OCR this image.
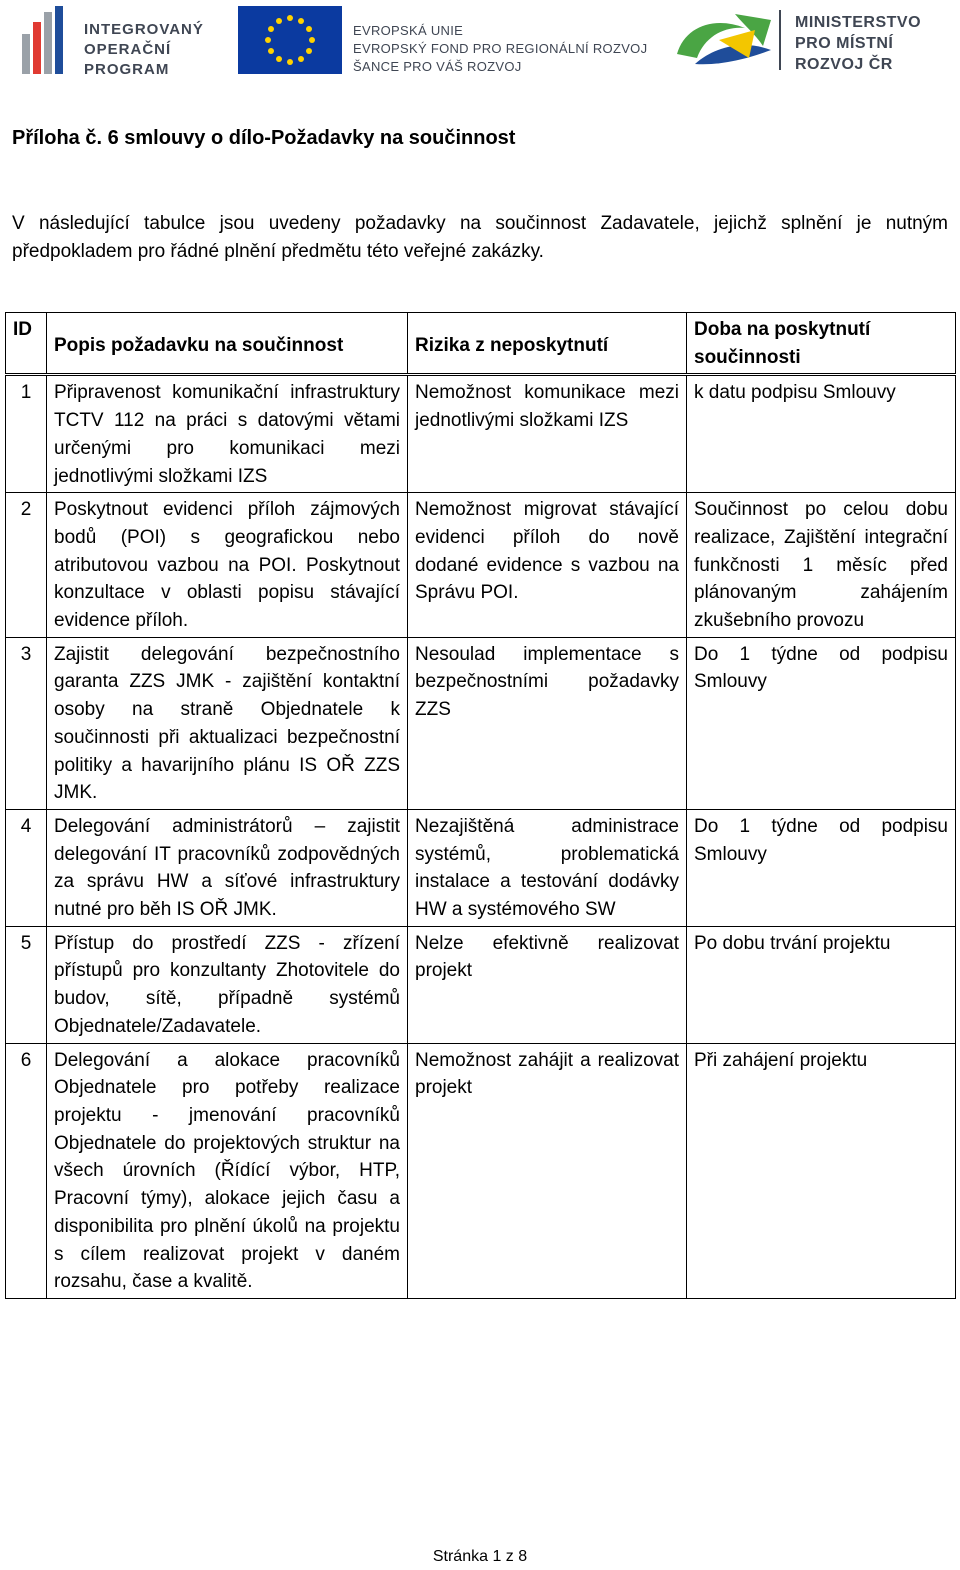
INTEGROVANÝ
OPERAČNÍ
PROGRAM
EVROPSKÁ UNIE
EVROPSKÝ FOND PRO REGIONÁLNÍ ROZVOJ
ŠANCE PRO VÁŠ ROZVOJ
MINISTERSTVO
PRO MÍSTNÍ
ROZVOJ ČR
Příloha č. 6 smlouvy o dílo-Požadavky na součinnost
V následující tabulce jsou uvedeny požadavky na součinnost Zadavatele, jejichž splnění je nutným předpokladem pro řádné plnění předmětu této veřejné zakázky.
ID	Popis požadavku na součinnost	Rizika z neposkytnutí	Doba na poskytnutí součinnosti
1	Připravenost komunikační infrastruktury TCTV 112 na práci s datovými větami určenými pro komunikaci mezi jednotlivými složkami IZS	Nemožnost komunikace mezi jednotlivými složkami IZS	k datu podpisu Smlouvy
2	Poskytnout evidenci příloh zájmových bodů (POI) s geografickou nebo atributovou vazbou na POI. Poskytnout konzultace v oblasti popisu stávající evidence příloh.	Nemožnost migrovat stávající evidenci příloh do nově dodané evidence s vazbou na Správu POI.	Součinnost po celou dobu realizace, Zajištění integrační funkčnosti 1 měsíc před plánovaným zahájením zkušebního provozu
3	Zajistit delegování bezpečnostního garanta ZZS JMK - zajištění kontaktní osoby na straně Objednatele k součinnosti při aktualizaci bezpečnostní politiky a havarijního plánu IS OŘ ZZS JMK.	Nesoulad implementace s bezpečnostními požadavky ZZS	Do 1 týdne od podpisu Smlouvy
4	Delegování administrátorů – zajistit delegování IT pracovníků zodpovědných za správu HW a síťové infrastruktury nutné pro běh IS OŘ JMK.	Nezajištěná administrace systémů, problematická instalace a testování dodávky HW a systémového SW	Do 1 týdne od podpisu Smlouvy
5	Přístup do prostředí ZZS - zřízení přístupů pro konzultanty Zhotovitele do budov, sítě, případně systémů Objednatele/Zadavatele.	Nelze efektivně realizovat projekt	Po dobu trvání projektu
6	Delegování a alokace pracovníků Objednatele pro potřeby realizace projektu - jmenování pracovníků Objednatele do projektových struktur na všech úrovních (Řídící výbor, HTP, Pracovní týmy), alokace jejich času a disponibilita pro plnění úkolů na projektu s cílem realizovat projekt v daném rozsahu, čase a kvalitě.	Nemožnost zahájit a realizovat projekt	Při zahájení projektu
Stránka 1 z 8
